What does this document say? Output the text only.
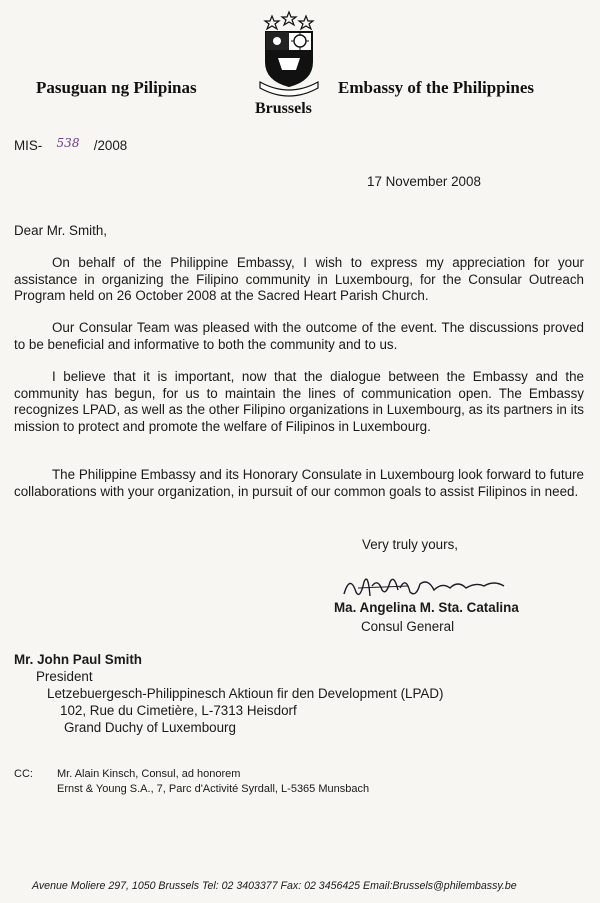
Pasuguan ng Pilipinas	Embassy of the Philippines
Brussels
MIS- 538 /2008
17 November 2008
Dear Mr. Smith,
On behalf of the Philippine Embassy, I wish to express my appreciation for your assistance in organizing the Filipino community in Luxembourg, for the Consular Outreach Program held on 26 October 2008 at the Sacred Heart Parish Church.
Our Consular Team was pleased with the outcome of the event. The discussions proved to be beneficial and informative to both the community and to us.
I believe that it is important, now that the dialogue between the Embassy and the community has begun, for us to maintain the lines of communication open. The Embassy recognizes LPAD, as well as the other Filipino organizations in Luxembourg, as its partners in its mission to protect and promote the welfare of Filipinos in Luxembourg.
The Philippine Embassy and its Honorary Consulate in Luxembourg look forward to future collaborations with your organization, in pursuit of our common goals to assist Filipinos in need.
Very truly yours,
Ma. Angelina M. Sta. Catalina
Consul General
Mr. John Paul Smith
President
Letzebuergesch-Philippinesch Aktioun fir den Development (LPAD)
102, Rue du Cimetière, L-7313 Heisdorf
Grand Duchy of Luxembourg
CC: Mr. Alain Kinsch, Consul, ad honorem
Ernst & Young S.A., 7, Parc d'Activité Syrdall, L-5365 Munsbach
Avenue Moliere 297, 1050 Brussels Tel: 02 3403377 Fax: 02 3456425 Email:Brussels@philembassy.be
